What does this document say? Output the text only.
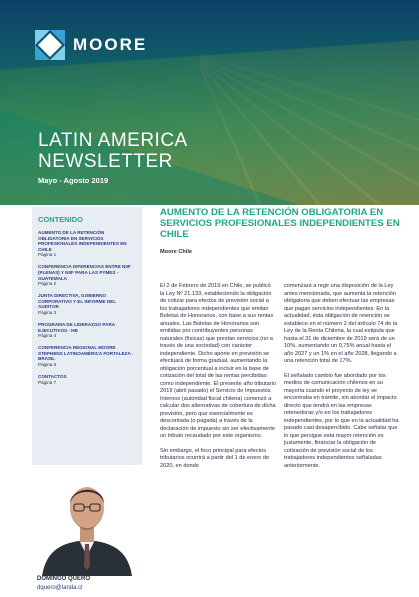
MOORE
LATIN AMERICA
NEWSLETTER
Mayo - Agosto 2019
CONTENIDO
AUMENTO DE LA RETENCIÓN OBLIGATORIA EN SERVICIOS PROFESIONALES INDEPENDIENTES EN CHILE
Página 1
CONFERENCIA DIFERENCIAS ENTRE NIIF (PLENAS) Y NIIF PARA LAS PYMES - GUATEMALA
Página 2
JUNTA DIRECTIVA, GOBIERNO CORPORATIVO Y EL INFORME DEL AUDITOR
Página 3
PROGRAMA DE LIDERAZGO PARA EJECUTIVOS - HB
Página 4
CONFERENCIA REGIONAL MOORE STEPHENS LATINOAMÉRICA FORTALEZA - BRASIL
Página 6
CONTACTOS
Página 7
DOMINGO QUÉRO
dquero@landa.cl
AUMENTO DE LA RETENCIÓN OBLIGATORIA EN SERVICIOS PROFESIONALES INDEPENDIENTES EN CHILE
Moore Chile

El 2 de Febrero de 2019 en Chile, se publicó la Ley Nº 21.133, estableciendo la obligación de cotizar para efectos de previsión social a los trabajadores independientes que emitan Boletas de Honorarios, con base a sus rentas anuales. Las Boletas de Honorarios son emitidas por contribuyentes personas naturales (físicas) que prestan servicios (no a través de una sociedad) con carácter independiente. Dicho aporte en previsión se efectuará de forma gradual, aumentando la obligación porcentual a incluir en la base de cotización del total de las rentas percibidas como independiente. El presente año tributario 2019 (abril pasado) el Servicio de Impuestos Internos (autoridad fiscal chilena) comenzó a calcular dos alternativas de cobertura de dicha previsión, pero que esencialmente es descontada (o pagada) a través de la declaración de impuesto sin ser efectivamente un tributo recaudado por este organismo.

Sin embargo, el foco principal para efectos tributarios ocurrirá a partir del 1 de enero de 2020, en donde

comenzará a regir una disposición de la Ley antes mencionada, que aumenta la retención obligatoria que deben efectuar las empresas que pagan servicios independientes. En la actualidad, ésta obligación de retención se establece en el número 2 del artículo 74 de la Ley de la Renta Chilena, la cual estipula que hasta el 31 de diciembre de 2019 será de un 10%, aumentando un 0,75% anual hasta el año 2027 y un 1% en el año 2028, llegando a una retención total de 17%.

El señalado cambio fue abordado por los medios de comunicación chilenos en su mayoría cuando el proyecto de ley se encontraba en trámite, sin abordar el impacto directo que tendrá en las empresas retenedoras y/o en los trabajadores independientes, por lo que en la actualidad ha pasado casi desapercibido. Cabe señalar que lo que persigue esta mayor retención es justamente, financiar la obligación de cotización de previsión social de los trabajadores independientes señaladas anteriormente.
